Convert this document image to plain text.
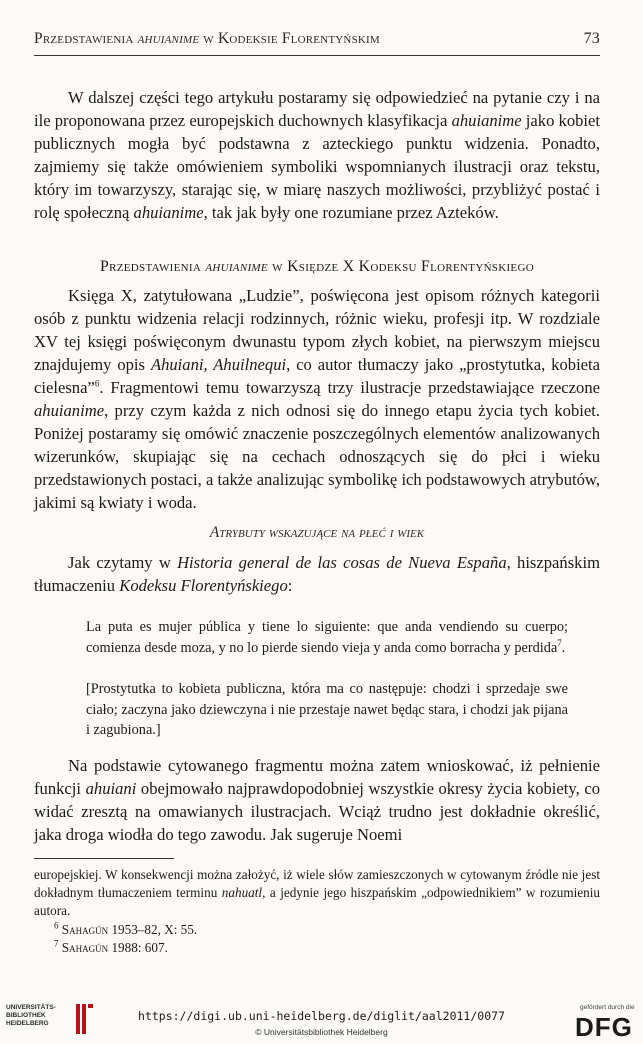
Przedstawienia ahuianime w Kodeksie Florentyńskim	73
W dalszej części tego artykułu postaramy się odpowiedzieć na pytanie czy i na ile proponowana przez europejskich duchownych klasyfikacja ahuianime jako kobiet publicznych mogła być podstawna z azteckiego punktu widzenia. Ponadto, zajmiemy się także omówieniem symboliki wspomnianych ilustracji oraz tekstu, który im towarzyszy, starając się, w miarę naszych możliwości, przybliżyć postać i rolę społeczną ahuianime, tak jak były one rozumiane przez Azteków.
Przedstawienia ahuianime w Księdze X Kodeksu Florentyńskiego
Księga X, zatytułowana „Ludzie”, poświęcona jest opisom różnych kategorii osób z punktu widzenia relacji rodzinnych, różnic wieku, profesji itp. W rozdziale XV tej księgi poświęconym dwunastu typom złych kobiet, na pierwszym miejscu znajdujemy opis Ahuiani, Ahuilnequi, co autor tłumaczy jako „prostytutka, kobieta cielesna”$^6$. Fragmentowi temu towarzyszą trzy ilustracje przedstawiające rzeczone ahuianime, przy czym każda z nich odnosi się do innego etapu życia tych kobiet. Poniżej postaramy się omówić znaczenie poszczególnych elementów analizowanych wizerunków, skupiając się na cechach odnoszących się do płci i wieku przedstawionych postaci, a także analizując symbolikę ich podstawowych atrybutów, jakimi są kwiaty i woda.
Atrybuty wskazujące na płeć i wiek
Jak czytamy w Historia general de las cosas de Nueva España, hiszpańskim tłumaczeniu Kodeksu Florentyńskiego:
La puta es mujer pública y tiene lo siguiente: que anda vendiendo su cuerpo; comienza desde moza, y no lo pierde siendo vieja y anda como borracha y perdida$^7$.
[Prostytutka to kobieta publiczna, która ma co następuje: chodzi i sprzedaje swe ciało; zaczyna jako dziewczyna i nie przestaje nawet będąc stara, i chodzi jak pijana i zagubiona.]
Na podstawie cytowanego fragmentu można zatem wnioskować, iż pełnienie funkcji ahuiani obejmowało najprawdopodobniej wszystkie okresy życia kobiety, co widać zresztą na omawianych ilustracjach. Wciąż trudno jest dokładnie określić, jaka droga wiodła do tego zawodu. Jak sugeruje Noemi

europejskiej. W konsekwencji można założyć, iż wiele słów zamieszczonych w cytowanym źródle nie jest dokładnym tłumaczeniem terminu nahuatl, a jedynie jego hiszpańskim „odpowiednikiem” w rozumieniu autora.

$^6$ Sahagún 1953–82, X: 55.

$^7$ Sahagún 1988: 607.

UNIVERSITÄTS-
BIBLIOTHEK
HEIDELBERG
https://digi.ub.uni-heidelberg.de/diglit/aal2011/0077
© Universitätsbibliothek Heidelberg
gefördert durch die
DFG
